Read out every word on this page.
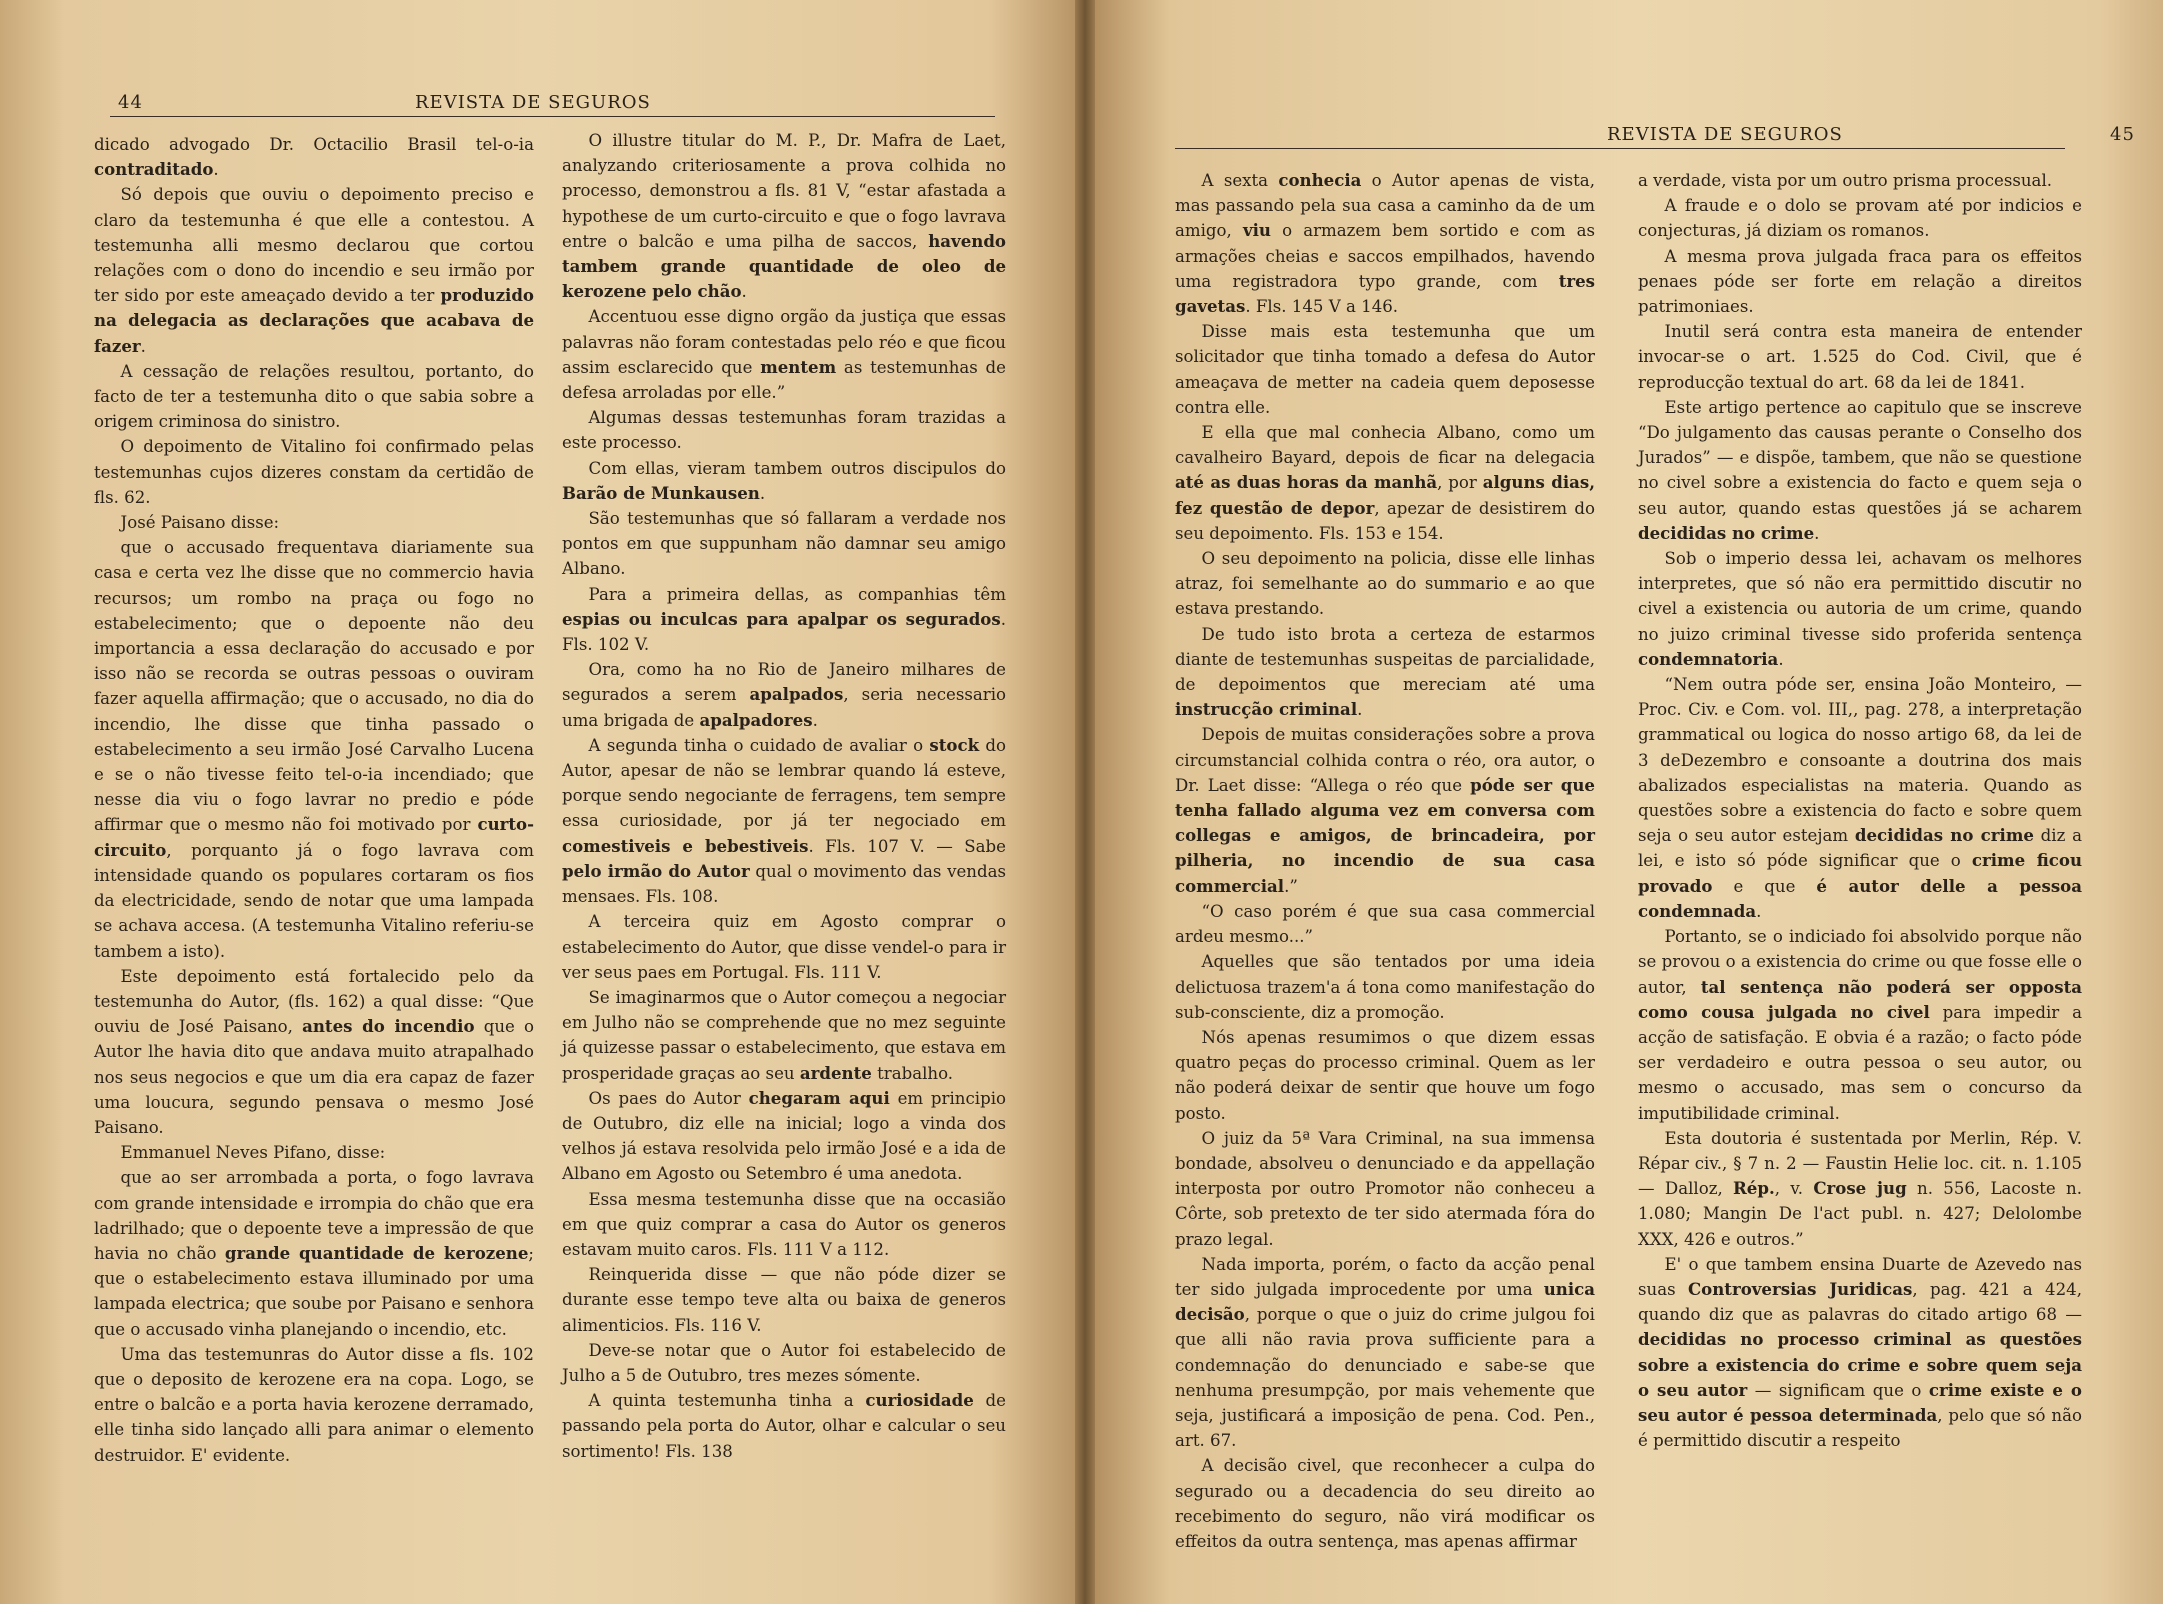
44	REVISTA DE SEGUROS

dicado advogado Dr. Octacilio Brasil tel-o-ia contraditado.

Só depois que ouviu o depoimento preciso e claro da testemunha é que elle a contestou. A testemunha alli mesmo declarou que cortou relações com o dono do incendio e seu irmão por ter sido por este ameaçado devido a ter produzido na delegacia as declarações que acabava de fazer.

A cessação de relações resultou, portanto, do facto de ter a testemunha dito o que sabia sobre a origem criminosa do sinistro.

O depoimento de Vitalino foi confirmado pelas testemunhas cujos dizeres constam da certidão de fls. 62.

José Paisano disse:

que o accusado frequentava diariamente sua casa e certa vez lhe disse que no commercio havia recursos; um rombo na praça ou fogo no estabelecimento; que o depoente não deu importancia a essa declaração do accusado e por isso não se recorda se outras pessoas o ouviram fazer aquella affirmação; que o accusado, no dia do incendio, lhe disse que tinha passado o estabelecimento a seu irmão José Carvalho Lucena e se o não tivesse feito tel-o-ia incendiado; que nesse dia viu o fogo lavrar no predio e póde affirmar que o mesmo não foi motivado por curto-circuito, porquanto já o fogo lavrava com intensidade quando os populares cortaram os fios da electricidade, sendo de notar que uma lampada se achava accesa. (A testemunha Vitalino referiu-se tambem a isto).

Este depoimento está fortalecido pelo da testemunha do Autor, (fls. 162) a qual disse: “Que ouviu de José Paisano, antes do incendio que o Autor lhe havia dito que andava muito atrapalhado nos seus negocios e que um dia era capaz de fazer uma loucura, segundo pensava o mesmo José Paisano.

Emmanuel Neves Pifano, disse:

que ao ser arrombada a porta, o fogo lavrava com grande intensidade e irrompia do chão que era ladrilhado; que o depoente teve a impressão de que havia no chão grande quantidade de kerozene; que o estabelecimento estava illuminado por uma lampada electrica; que soube por Paisano e senhora que o accusado vinha planejando o incendio, etc.

Uma das testemunras do Autor disse a fls. 102 que o deposito de kerozene era na copa. Logo, se entre o balcão e a porta havia kerozene derramado, elle tinha sido lançado alli para animar o elemento destruidor. E' evidente.

O illustre titular do M. P., Dr. Mafra de Laet, analyzando criteriosamente a prova colhida no processo, demonstrou a fls. 81 V, “estar afastada a hypothese de um curto-circuito e que o fogo lavrava entre o balcão e uma pilha de saccos, havendo tambem grande quantidade de oleo de kerozene pelo chão.

Accentuou esse digno orgão da justiça que essas palavras não foram contestadas pelo réo e que ficou assim esclarecido que mentem as testemunhas de defesa arroladas por elle.”

Algumas dessas testemunhas foram trazidas a este processo.

Com ellas, vieram tambem outros discipulos do Barão de Munkausen.

São testemunhas que só fallaram a verdade nos pontos em que suppunham não damnar seu amigo Albano.

Para a primeira dellas, as companhias têm espias ou inculcas para apalpar os segurados. Fls. 102 V.

Ora, como ha no Rio de Janeiro milhares de segurados a serem apalpados, seria necessario uma brigada de apalpadores.

A segunda tinha o cuidado de avaliar o stock do Autor, apesar de não se lembrar quando lá esteve, porque sendo negociante de ferragens, tem sempre essa curiosidade, por já ter negociado em comestiveis e bebestiveis. Fls. 107 V. — Sabe pelo irmão do Autor qual o movimento das vendas mensaes. Fls. 108.

A terceira quiz em Agosto comprar o estabelecimento do Autor, que disse vendel-o para ir ver seus paes em Portugal. Fls. 111 V.

Se imaginarmos que o Autor começou a negociar em Julho não se comprehende que no mez seguinte já quizesse passar o estabelecimento, que estava em prosperidade graças ao seu ardente trabalho.

Os paes do Autor chegaram aqui em principio de Outubro, diz elle na inicial; logo a vinda dos velhos já estava resolvida pelo irmão José e a ida de Albano em Agosto ou Setembro é uma anedota.

Essa mesma testemunha disse que na occasião em que quiz comprar a casa do Autor os generos estavam muito caros. Fls. 111 V a 112.

Reinquerida disse — que não póde dizer se durante esse tempo teve alta ou baixa de generos alimenticios. Fls. 116 V.

Deve-se notar que o Autor foi estabelecido de Julho a 5 de Outubro, tres mezes sómente.

A quinta testemunha tinha a curiosidade de passando pela porta do Autor, olhar e calcular o seu sortimento! Fls. 138

REVISTA DE SEGUROS	45

A sexta conhecia o Autor apenas de vista, mas passando pela sua casa a caminho da de um amigo, viu o armazem bem sortido e com as armações cheias e saccos empilhados, havendo uma registradora typo grande, com tres gavetas. Fls. 145 V a 146.

Disse mais esta testemunha que um solicitador que tinha tomado a defesa do Autor ameaçava de metter na cadeia quem deposesse contra elle.

E ella que mal conhecia Albano, como um cavalheiro Bayard, depois de ficar na delegacia até as duas horas da manhã, por alguns dias, fez questão de depor, apezar de desistirem do seu depoimento. Fls. 153 e 154.

O seu depoimento na policia, disse elle linhas atraz, foi semelhante ao do summario e ao que estava prestando.

De tudo isto brota a certeza de estarmos diante de testemunhas suspeitas de parcialidade, de depoimentos que mereciam até uma instrucção criminal.

Depois de muitas considerações sobre a prova circumstancial colhida contra o réo, ora autor, o Dr. Laet disse: “Allega o réo que póde ser que tenha fallado alguma vez em conversa com collegas e amigos, de brincadeira, por pilheria, no incendio de sua casa commercial.”

“O caso porém é que sua casa commercial ardeu mesmo...”

Aquelles que são tentados por uma ideia delictuosa trazem'a á tona como manifestação do sub-consciente, diz a promoção.

Nós apenas resumimos o que dizem essas quatro peças do processo criminal. Quem as ler não poderá deixar de sentir que houve um fogo posto.

O juiz da 5ª Vara Criminal, na sua immensa bondade, absolveu o denunciado e da appellação interposta por outro Promotor não conheceu a Côrte, sob pretexto de ter sido atermada fóra do prazo legal.

Nada importa, porém, o facto da acção penal ter sido julgada improcedente por uma unica decisão, porque o que o juiz do crime julgou foi que alli não ravia prova sufficiente para a condemnação do denunciado e sabe-se que nenhuma presumpção, por mais vehemente que seja, justificará a imposição de pena. Cod. Pen., art. 67.

A decisão civel, que reconhecer a culpa do segurado ou a decadencia do seu direito ao recebimento do seguro, não virá modificar os effeitos da outra sentença, mas apenas affirmar

a verdade, vista por um outro prisma processual.

A fraude e o dolo se provam até por indicios e conjecturas, já diziam os romanos.

A mesma prova julgada fraca para os effeitos penaes póde ser forte em relação a direitos patrimoniaes.

Inutil será contra esta maneira de entender invocar-se o art. 1.525 do Cod. Civil, que é reproducção textual do art. 68 da lei de 1841.

Este artigo pertence ao capitulo que se inscreve “Do julgamento das causas perante o Conselho dos Jurados” — e dispõe, tambem, que não se questione no civel sobre a existencia do facto e quem seja o seu autor, quando estas questões já se acharem decididas no crime.

Sob o imperio dessa lei, achavam os melhores interpretes, que só não era permittido discutir no civel a existencia ou autoria de um crime, quando no juizo criminal tivesse sido proferida sentença condemnatoria.

“Nem outra póde ser, ensina João Monteiro, — Proc. Civ. e Com. vol. III,, pag. 278, a interpretação grammatical ou logica do nosso artigo 68, da lei de 3 deDezembro e consoante a doutrina dos mais abalizados especialistas na materia. Quando as questões sobre a existencia do facto e sobre quem seja o seu autor estejam decididas no crime diz a lei, e isto só póde significar que o crime ficou provado e que é autor delle a pessoa condemnada.

Portanto, se o indiciado foi absolvido porque não se provou o a existencia do crime ou que fosse elle o autor, tal sentença não poderá ser opposta como cousa julgada no civel para impedir a acção de satisfação. E obvia é a razão; o facto póde ser verdadeiro e outra pessoa o seu autor, ou mesmo o accusado, mas sem o concurso da imputibilidade criminal.

Esta doutoria é sustentada por Merlin, Rép. V. Répar civ., § 7 n. 2 — Faustin Helie loc. cit. n. 1.105 — Dalloz, Rép., v. Crose jug n. 556, Lacoste n. 1.080; Mangin De l'act publ. n. 427; Delolombe XXX, 426 e outros.”

E' o que tambem ensina Duarte de Azevedo nas suas Controversias Juridicas, pag. 421 a 424, quando diz que as palavras do citado artigo 68 — decididas no processo criminal as questões sobre a existencia do crime e sobre quem seja o seu autor — significam que o crime existe e o seu autor é pessoa determinada, pelo que só não é permittido discutir a respeito
